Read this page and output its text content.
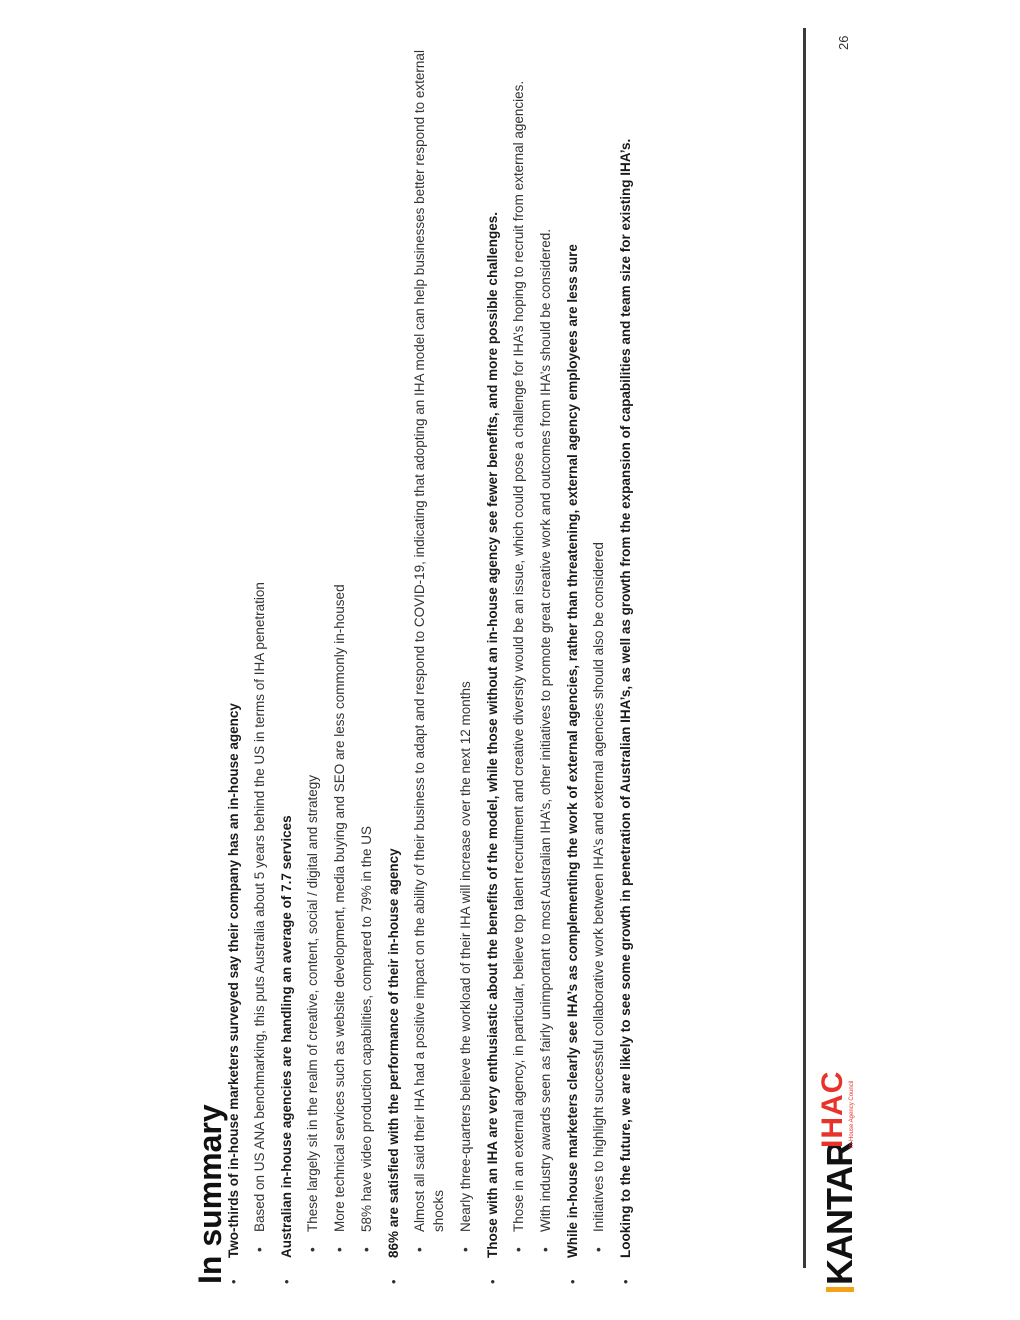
In summary
•
Two-thirds of in-house marketers surveyed say their company has an in-house agency •
Based on US ANA benchmarking, this puts Australia about 5 years behind the US in terms of IHA penetration
•
Australian in-house agencies are handling an average of 7.7 services •
These largely sit in the realm of creative, content, social / digital and strategy
•
More technical services such as website development, media buying and SEO are less commonly in-housed
•
58% have video production capabilities, compared to 79% in the US
•
86% are satisfied with the performance of their in-house agency •
Almost all said their IHA had a positive impact on the ability of their business to adapt and respond to COVID-19, indicating that adopting an IHA model can help businesses better respond to external shocks
•
Nearly three-quarters believe the workload of their IHA will increase over the next 12 months
•
Those with an IHA are very enthusiastic about the benefits of the model, while those without an in-house agency see fewer benefits, and more possible challenges. •
Those in an external agency, in particular, believe top talent recruitment and creative diversity would be an issue, which could pose a challenge for IHA’s hoping to recruit from external agencies.
•
With industry awards seen as fairly unimportant to most Australian IHA’s, other initiatives to promote great creative work and outcomes from IHA’s should be considered.
•
While in-house marketers clearly see IHA’s as complementing the work of external agencies, rather than threatening, external agency employees are less sure •
Initiatives to highlight successful collaborative work between IHA’s and external agencies should also be considered
•
Looking to the future, we are likely to see some growth in penetration of Australian IHA’s, as well as growth from the expansion of capabilities and team size for existing IHA’s.	KANTAR
IHAC In-House Agency Council
26
